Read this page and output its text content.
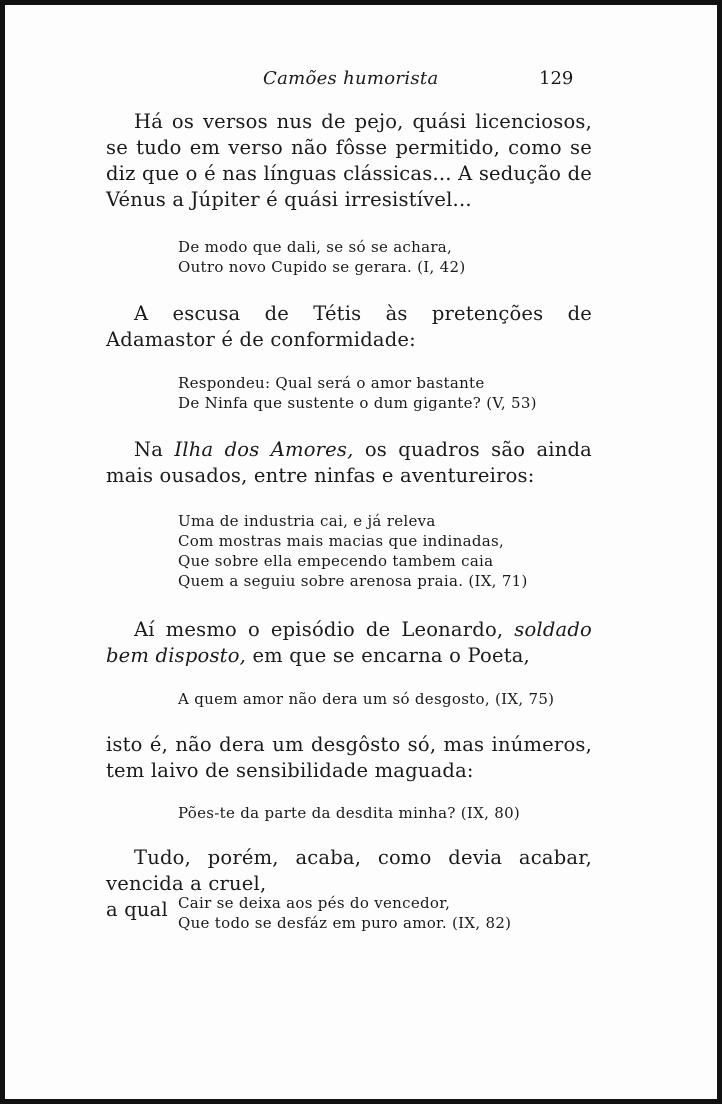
Camões humorista	129
Há os versos nus de pejo, quási licenciosos, se tudo em verso não fôsse permitido, como se diz que o é nas línguas clássicas... A sedução de Vénus a Júpiter é quási irresistível...
De modo que dali, se só se achara,
Outro novo Cupido se gerara. (I, 42)
A escusa de Tétis às pretenções de Adamastor é de conformidade:
Respondeu: Qual será o amor bastante
De Ninfa que sustente o dum gigante? (V, 53)
Na Ilha dos Amores, os quadros são ainda mais ousados, entre ninfas e aventureiros:
Uma de industria cai, e já releva
Com mostras mais macias que indinadas,
Que sobre ella empecendo tambem caia
Quem a seguiu sobre arenosa praia. (IX, 71)
Aí mesmo o episódio de Leonardo, soldado bem disposto, em que se encarna o Poeta,
A quem amor não dera um só desgosto, (IX, 75)
isto é, não dera um desgôsto só, mas inúmeros, tem laivo de sensibilidade maguada:
Pões-te da parte da desdita minha? (IX, 80)
Tudo, porém, acaba, como devia acabar, vencida a cruel,
a qual Cair se deixa aos pés do vencedor,
Que todo se desfáz em puro amor. (IX, 82)
